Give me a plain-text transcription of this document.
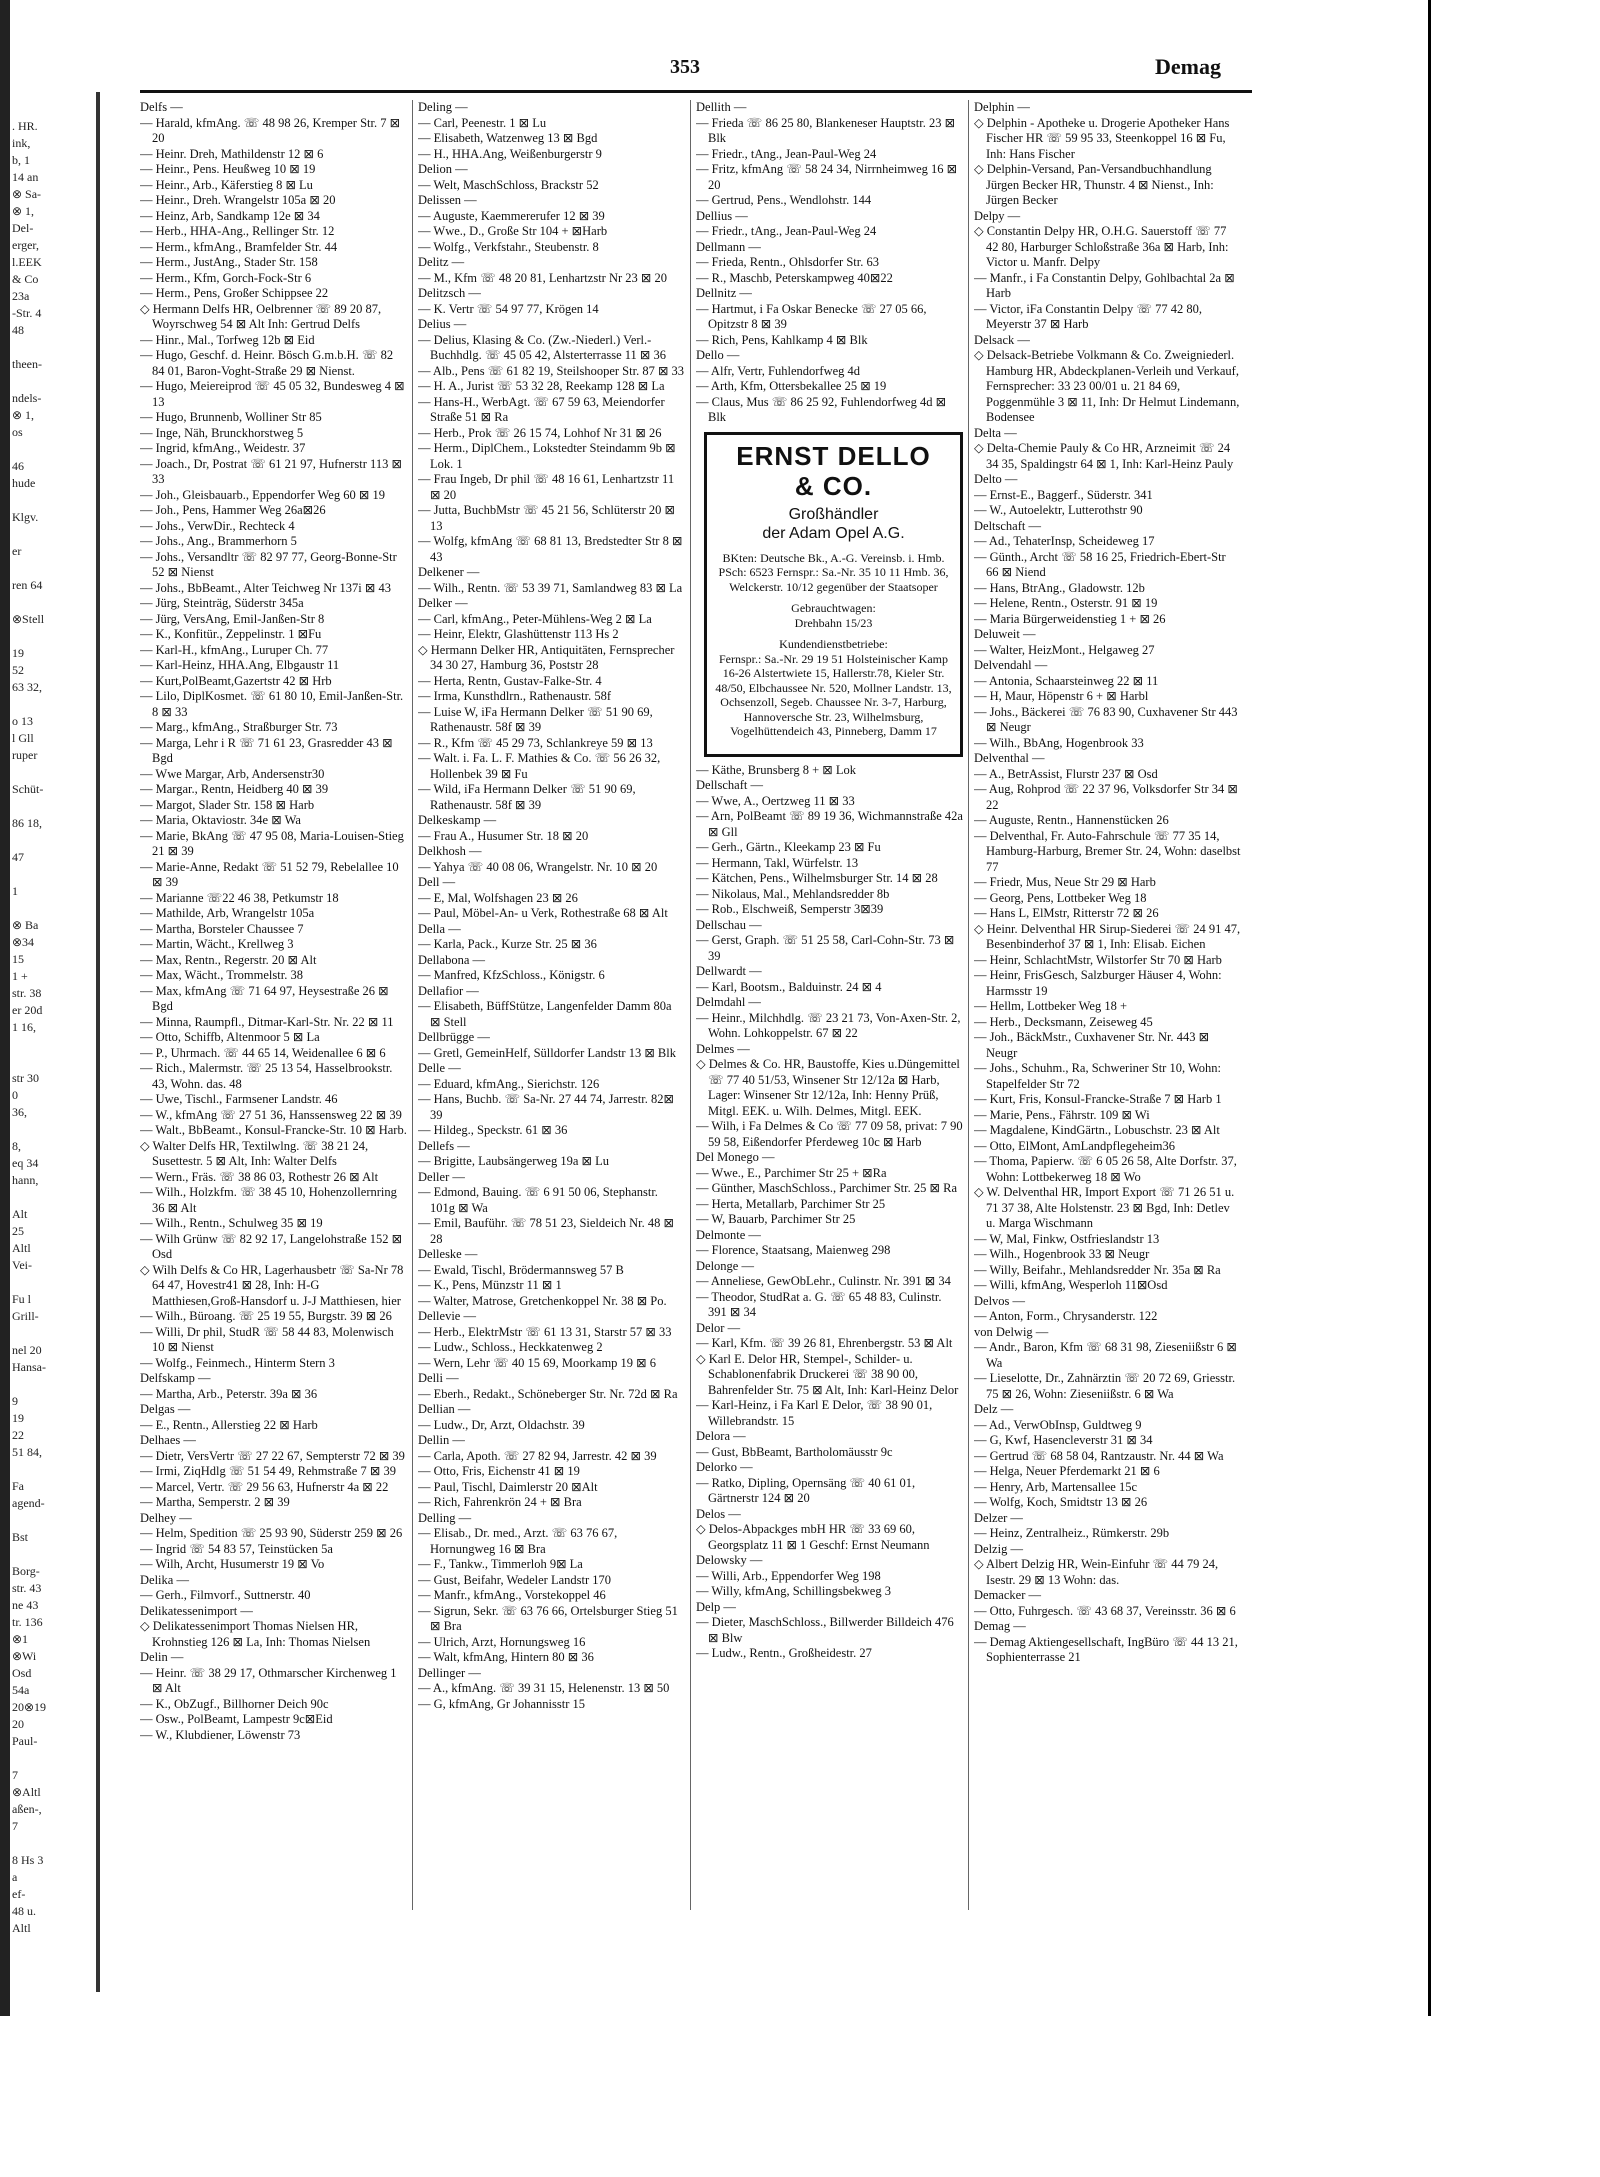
. HR.
ink,
b, 1
14 an
⊗ Sa-
⊗ 1,
Del-
erger,
l.EEK
& Co
23a
-Str. 4
48

theen-

ndels-
⊗ 1,
os

46
hude

Klgv.

er

ren 64

⊗Stell

19
52
63 32,

o 13
l Gll
ruper

Schüt-

86 18,

47

1

⊗ Ba
⊗34
15
1 +
str. 38
er 20d
1 16,

str 30
0
36,

8,
eq 34
hann,

Alt
25
Altl
Vei-

Fu l
Grill-

nel 20
Hansa-

9
19
22
51 84,

Fa
agend-

Bst

Borg-
str. 43
ne 43
tr. 136
⊗1
⊗Wi
Osd
54a
20⊗19
20
Paul-

7
⊗Altl
aßen-,
7

8 Hs 3
a
ef-
48 u.
Altl
353	Demag
Delfs —
— Harald, kfmAng. ☏ 48 98 26, Kremper Str. 7 ⊠ 20
— Heinr. Dreh, Mathildenstr 12 ⊠ 6
— Heinr., Pens. Heußweg 10 ⊠ 19
— Heinr., Arb., Käferstieg 8 ⊠ Lu
— Heinr., Dreh. Wrangelstr 105a ⊠ 20
— Heinz, Arb, Sandkamp 12e ⊠ 34
— Herb., HHA-Ang., Rellinger Str. 12
— Herm., kfmAng., Bramfelder Str. 44
— Herm., JustAng., Stader Str. 158
— Herm., Kfm, Gorch-Fock-Str 6
— Herm., Pens, Großer Schippsee 22
◇ Hermann Delfs HR, Oelbrenner ☏ 89 20 87, Woyrschweg 54 ⊠ Alt Inh: Gertrud Delfs
— Hinr., Mal., Torfweg 12b ⊠ Eid
— Hugo, Geschf. d. Heinr. Bösch G.m.b.H. ☏ 82 84 01, Baron-Voght-Straße 29 ⊠ Nienst.
— Hugo, Meiereiprod ☏ 45 05 32, Bundesweg 4 ⊠ 13
— Hugo, Brunnenb, Wolliner Str 85
— Inge, Näh, Brunckhorstweg 5
— Ingrid, kfmAng., Weidestr. 37
— Joach., Dr, Postrat ☏ 61 21 97, Hufnerstr 113 ⊠ 33
— Joh., Gleisbauarb., Eppendorfer Weg 60 ⊠ 19
— Joh., Pens, Hammer Weg 26a⊠26
— Johs., VerwDir., Rechteck 4
— Johs., Ang., Brammerhorn 5
— Johs., Versandltr ☏ 82 97 77, Georg-Bonne-Str 52 ⊠ Nienst
— Johs., BbBeamt., Alter Teichweg Nr 137i ⊠ 43
— Jürg, Steinträg, Süderstr 345a
— Jürg, VersAng, Emil-Janßen-Str 8
— K., Konfitür., Zeppelinstr. 1 ⊠Fu
— Karl-H., kfmAng., Luruper Ch. 77
— Karl-Heinz, HHA.Ang, Elbgaustr 11
— Kurt,PolBeamt,Gazertstr 42 ⊠ Hrb
— Lilo, DiplKosmet. ☏ 61 80 10, Emil-Janßen-Str. 8 ⊠ 33
— Marg., kfmAng., Straßburger Str. 73
— Marga, Lehr i R ☏ 71 61 23, Grasredder 43 ⊠ Bgd
— Wwe Margar, Arb, Andersenstr30
— Margar., Rentn, Heidberg 40 ⊠ 39
— Margot, Slader Str. 158 ⊠ Harb
— Maria, Oktaviostr. 34e ⊠ Wa
— Marie, BkAng ☏ 47 95 08, Maria-Louisen-Stieg 21 ⊠ 39
— Marie-Anne, Redakt ☏ 51 52 79, Rebelallee 10 ⊠ 39
— Marianne ☏22 46 38, Petkumstr 18
— Mathilde, Arb, Wrangelstr 105a
— Martha, Borsteler Chaussee 7
— Martin, Wächt., Krellweg 3
— Max, Rentn., Regerstr. 20 ⊠ Alt
— Max, Wächt., Trommelstr. 38
— Max, kfmAng ☏ 71 64 97, Heysestraße 26 ⊠ Bgd
— Minna, Raumpfl., Ditmar-Karl-Str. Nr. 22 ⊠ 11
— Otto, Schiffb, Altenmoor 5 ⊠ La
— P., Uhrmach. ☏ 44 65 14, Weidenallee 6 ⊠ 6
— Rich., Malermstr. ☏ 25 13 54, Hasselbrookstr. 43, Wohn. das. 48
— Uwe, Tischl., Farmsener Landstr. 46
— W., kfmAng ☏ 27 51 36, Hanssensweg 22 ⊠ 39
— Walt., BbBeamt., Konsul-Francke-Str. 10 ⊠ Harb.
◇ Walter Delfs HR, Textilwlng. ☏ 38 21 24, Susettestr. 5 ⊠ Alt, Inh: Walter Delfs
— Wern., Fräs. ☏ 38 86 03, Rothestr 26 ⊠ Alt
— Wilh., Holzkfm. ☏ 38 45 10, Hohenzollernring 36 ⊠ Alt
— Wilh., Rentn., Schulweg 35 ⊠ 19
— Wilh Grünw ☏ 82 92 17, Langelohstraße 152 ⊠ Osd
◇ Wilh Delfs & Co HR, Lagerhausbetr ☏ Sa-Nr 78 64 47, Hovestr41 ⊠ 28, Inh: H-G Matthiesen,Groß-Hansdorf u. J-J Matthiesen, hier
— Wilh., Büroang. ☏ 25 19 55, Burgstr. 39 ⊠ 26
— Willi, Dr phil, StudR ☏ 58 44 83, Molenwisch 10 ⊠ Nienst
— Wolfg., Feinmech., Hinterm Stern 3
Delfskamp —
— Martha, Arb., Peterstr. 39a ⊠ 36
Delgas —
— E., Rentn., Allerstieg 22 ⊠ Harb
Delhaes —
— Dietr, VersVertr ☏ 27 22 67, Sempterstr 72 ⊠ 39
— Irmi, ZiqHdlg ☏ 51 54 49, Rehmstraße 7 ⊠ 39
— Marcel, Vertr. ☏ 29 56 63, Hufnerstr 4a ⊠ 22
— Martha, Semperstr. 2 ⊠ 39
Delhey —
— Helm, Spedition ☏ 25 93 90, Süderstr 259 ⊠ 26
— Ingrid ☏ 54 83 57, Teinstücken 5a
— Wilh, Archt, Husumerstr 19 ⊠ Vo
Delika —
— Gerh., Filmvorf., Suttnerstr. 40
Delikatessenimport —
◇ Delikatessenimport Thomas Nielsen HR, Krohnstieg 126 ⊠ La, Inh: Thomas Nielsen
Delin —
— Heinr. ☏ 38 29 17, Othmarscher Kirchenweg 1 ⊠ Alt
— K., ObZugf., Billhorner Deich 90c
— Osw., PolBeamt, Lampestr 9c⊠Eid
— W., Klubdiener, Löwenstr 73
Deling —
— Carl, Peenestr. 1 ⊠ Lu
— Elisabeth, Watzenweg 13 ⊠ Bgd
— H., HHA.Ang, Weißenburgerstr 9
Delion —
— Welt, MaschSchloss, Brackstr 52
Delissen —
— Auguste, Kaemmererufer 12 ⊠ 39
— Wwe., D., Große Str 104 + ⊠Harb
— Wolfg., Verkfstahr., Steubenstr. 8
Delitz —
— M., Kfm ☏ 48 20 81, Lenhartzstr Nr 23 ⊠ 20
Delitzsch —
— K. Vertr ☏ 54 97 77, Krögen 14
Delius —
— Delius, Klasing & Co. (Zw.-Niederl.) Verl.-Buchhdlg. ☏ 45 05 42, Alsterterrasse 11 ⊠ 36
— Alb., Pens ☏ 61 82 19, Steilshooper Str. 87 ⊠ 33
— H. A., Jurist ☏ 53 32 28, Reekamp 128 ⊠ La
— Hans-H., WerbAgt. ☏ 67 59 63, Meiendorfer Straße 51 ⊠ Ra
— Herb., Prok ☏ 26 15 74, Lohhof Nr 31 ⊠ 26
— Herm., DiplChem., Lokstedter Steindamm 9b ⊠ Lok. 1
— Frau Ingeb, Dr phil ☏ 48 16 61, Lenhartzstr 11 ⊠ 20
— Jutta, BuchbMstr ☏ 45 21 56, Schlüterstr 20 ⊠ 13
— Wolfg, kfmAng ☏ 68 81 13, Bredstedter Str 8 ⊠ 43
Delkener —
— Wilh., Rentn. ☏ 53 39 71, Samlandweg 83 ⊠ La
Delker —
— Carl, kfmAng., Peter-Mühlens-Weg 2 ⊠ La
— Heinr, Elektr, Glashüttenstr 113 Hs 2
◇ Hermann Delker HR, Antiquitäten, Fernsprecher 34 30 27, Hamburg 36, Poststr 28
— Herta, Rentn, Gustav-Falke-Str. 4
— Irma, Kunsthdlrn., Rathenaustr. 58f
— Luise W, iFa Hermann Delker ☏ 51 90 69, Rathenaustr. 58f ⊠ 39
— R., Kfm ☏ 45 29 73, Schlankreye 59 ⊠ 13
— Walt. i. Fa. L. F. Mathies & Co. ☏ 56 26 32, Hollenbek 39 ⊠ Fu
— Wild, iFa Hermann Delker ☏ 51 90 69, Rathenaustr. 58f ⊠ 39
Delkeskamp —
— Frau A., Husumer Str. 18 ⊠ 20
Delkhosh —
— Yahya ☏ 40 08 06, Wrangelstr. Nr. 10 ⊠ 20
Dell —
— E, Mal, Wolfshagen 23 ⊠ 26
— Paul, Möbel-An- u Verk, Rothestraße 68 ⊠ Alt
Della —
— Karla, Pack., Kurze Str. 25 ⊠ 36
Dellabona —
— Manfred, KfzSchloss., Königstr. 6
Dellafior —
— Elisabeth, BüffStütze, Langenfelder Damm 80a ⊠ Stell
Dellbrügge —
— Gretl, GemeinHelf, Sülldorfer Landstr 13 ⊠ Blk
Delle —
— Eduard, kfmAng., Sierichstr. 126
— Hans, Buchb. ☏ Sa-Nr. 27 44 74, Jarrestr. 82⊠ 39
— Hildeg., Speckstr. 61 ⊠ 36
Dellefs —
— Brigitte, Laubsängerweg 19a ⊠ Lu
Deller —
— Edmond, Bauing. ☏ 6 91 50 06, Stephanstr. 101g ⊠ Wa
— Emil, Bauführ. ☏ 78 51 23, Sieldeich Nr. 48 ⊠ 28
Delleske —
— Ewald, Tischl, Brödermannsweg 57 B
— K., Pens, Münzstr 11 ⊠ 1
— Walter, Matrose, Gretchenkoppel Nr. 38 ⊠ Po.
Dellevie —
— Herb., ElektrMstr ☏ 61 13 31, Starstr 57 ⊠ 33
— Ludw., Schloss., Heckkatenweg 2
— Wern, Lehr ☏ 40 15 69, Moorkamp 19 ⊠ 6
Delli —
— Eberh., Redakt., Schöneberger Str. Nr. 72d ⊠ Ra
Dellian —
— Ludw., Dr, Arzt, Oldachstr. 39
Dellin —
— Carla, Apoth. ☏ 27 82 94, Jarrestr. 42 ⊠ 39
— Otto, Fris, Eichenstr 41 ⊠ 19
— Paul, Tischl, Daimlerstr 20 ⊠Alt
— Rich, Fahrenkrön 24 + ⊠ Bra
Delling —
— Elisab., Dr. med., Arzt. ☏ 63 76 67, Hornungweg 16 ⊠ Bra
— F., Tankw., Timmerloh 9⊠ La
— Gust, Beifahr, Wedeler Landstr 170
— Manfr., kfmAng., Vorstekoppel 46
— Sigrun, Sekr. ☏ 63 76 66, Ortelsburger Stieg 51 ⊠ Bra
— Ulrich, Arzt, Hornungsweg 16
— Walt, kfmAng, Hintern 80 ⊠ 36
Dellinger —
— A., kfmAng. ☏ 39 31 15, Helenenstr. 13 ⊠ 50
— G, kfmAng, Gr Johannisstr 15
Dellith —
— Frieda ☏ 86 25 80, Blankeneser Hauptstr. 23 ⊠ Blk
— Friedr., tAng., Jean-Paul-Weg 24
— Fritz, kfmAng ☏ 58 24 34, Nirrnheimweg 16 ⊠ 20
— Gertrud, Pens., Wendlohstr. 144
Dellius —
— Friedr., tAng., Jean-Paul-Weg 24
Dellmann —
— Frieda, Rentn., Ohlsdorfer Str. 63
— R., Maschb, Peterskampweg 40⊠22
Dellnitz —
— Hartmut, i Fa Oskar Benecke ☏ 27 05 66, Opitzstr 8 ⊠ 39
— Rich, Pens, Kahlkamp 4 ⊠ Blk
Dello —
— Alfr, Vertr, Fuhlendorfweg 4d
— Arth, Kfm, Ottersbekallee 25 ⊠ 19
— Claus, Mus ☏ 86 25 92, Fuhlendorfweg 4d ⊠ Blk
ERNST DELLO
& CO.
Großhändler
der Adam Opel A.G.
BKten: Deutsche Bk., A.-G. Vereinsb. i. Hmb. PSch: 6523 Fernspr.: Sa.-Nr. 35 10 11 Hmb. 36, Welckerstr. 10/12 gegenüber der Staatsoper
Gebrauchtwagen:
Drehbahn 15/23
Kundendienstbetriebe:
Fernspr.: Sa.-Nr. 29 19 51 Holsteinischer Kamp 16-26 Alstertwiete 15, Hallerstr.78, Kieler Str. 48/50, Elbchaussee Nr. 520, Mollner Landstr. 13, Ochsenzoll, Segeb. Chaussee Nr. 3-7, Harburg, Hannoversche Str. 23, Wilhelmsburg, Vogelhüttendeich 43, Pinneberg, Damm 17
— Käthe, Brunsberg 8 + ⊠ Lok
Dellschaft —
— Wwe, A., Oertzweg 11 ⊠ 33
— Arn, PolBeamt ☏ 89 19 36, Wichmannstraße 42a ⊠ Gll
— Gerh., Gärtn., Kleekamp 23 ⊠ Fu
— Hermann, Takl, Würfelstr. 13
— Kätchen, Pens., Wilhelmsburger Str. 14 ⊠ 28
— Nikolaus, Mal., Mehlandsredder 8b
— Rob., Elschweiß, Semperstr 3⊠39
Dellschau —
— Gerst, Graph. ☏ 51 25 58, Carl-Cohn-Str. 73 ⊠ 39
Dellwardt —
— Karl, Bootsm., Balduinstr. 24 ⊠ 4
Delmdahl —
— Heinr., Milchhdlg. ☏ 23 21 73, Von-Axen-Str. 2, Wohn. Lohkoppelstr. 67 ⊠ 22
Delmes —
◇ Delmes & Co. HR, Baustoffe, Kies u.Düngemittel ☏ 77 40 51/53, Winsener Str 12/12a ⊠ Harb, Lager: Winsener Str 12/12a, Inh: Henny Prüß, Mitgl. EEK. u. Wilh. Delmes, Mitgl. EEK.
— Wilh, i Fa Delmes & Co ☏ 77 09 58, privat: 7 90 59 58, Eißendorfer Pferdeweg 10c ⊠ Harb
Del Monego —
— Wwe., E., Parchimer Str 25 + ⊠Ra
— Günther, MaschSchloss., Parchimer Str. 25 ⊠ Ra
— Herta, Metallarb, Parchimer Str 25
— W, Bauarb, Parchimer Str 25
Delmonte —
— Florence, Staatsang, Maienweg 298
Delonge —
— Anneliese, GewObLehr., Culinstr. Nr. 391 ⊠ 34
— Theodor, StudRat a. G. ☏ 65 48 83, Culinstr. 391 ⊠ 34
Delor —
— Karl, Kfm. ☏ 39 26 81, Ehrenbergstr. 53 ⊠ Alt
◇ Karl E. Delor HR, Stempel-, Schilder- u. Schablonenfabrik Druckerei ☏ 38 90 00, Bahrenfelder Str. 75 ⊠ Alt, Inh: Karl-Heinz Delor
— Karl-Heinz, i Fa Karl E Delor, ☏ 38 90 01, Willebrandstr. 15
Delora —
— Gust, BbBeamt, Bartholomäusstr 9c
Delorko —
— Ratko, Dipling, Opernsäng ☏ 40 61 01, Gärtnerstr 124 ⊠ 20
Delos —
◇ Delos-Abpackges mbH HR ☏ 33 69 60, Georgsplatz 11 ⊠ 1 Geschf: Ernst Neumann
Delowsky —
— Willi, Arb., Eppendorfer Weg 198
— Willy, kfmAng, Schillingsbekweg 3
Delp —
— Dieter, MaschSchloss., Billwerder Billdeich 476 ⊠ Blw
— Ludw., Rentn., Großheidestr. 27
Delphin —
◇ Delphin - Apotheke u. Drogerie Apotheker Hans Fischer HR ☏ 59 95 33, Steenkoppel 16 ⊠ Fu, Inh: Hans Fischer
◇ Delphin-Versand, Pan-Versandbuchhandlung Jürgen Becker HR, Thunstr. 4 ⊠ Nienst., Inh: Jürgen Becker
Delpy —
◇ Constantin Delpy HR, O.H.G. Sauerstoff ☏ 77 42 80, Harburger Schloßstraße 36a ⊠ Harb, Inh: Victor u. Manfr. Delpy
— Manfr., i Fa Constantin Delpy, Gohlbachtal 2a ⊠ Harb
— Victor, iFa Constantin Delpy ☏ 77 42 80, Meyerstr 37 ⊠ Harb
Delsack —
◇ Delsack-Betriebe Volkmann & Co. Zweigniederl. Hamburg HR, Abdeckplanen-Verleih und Verkauf, Fernsprecher: 33 23 00/01 u. 21 84 69, Poggenmühle 3 ⊠ 11, Inh: Dr Helmut Lindemann, Bodensee
Delta —
◇ Delta-Chemie Pauly & Co HR, Arzneimit ☏ 24 34 35, Spaldingstr 64 ⊠ 1, Inh: Karl-Heinz Pauly
Delto —
— Ernst-E., Baggerf., Süderstr. 341
— W., Autoelektr, Lutterothstr 90
Deltschaft —
— Ad., TehaterInsp, Scheideweg 17
— Günth., Archt ☏ 58 16 25, Friedrich-Ebert-Str 66 ⊠ Niend
— Hans, BtrAng., Gladowstr. 12b
— Helene, Rentn., Osterstr. 91 ⊠ 19
— Maria Bürgerweidenstieg 1 + ⊠ 26
Deluweit —
— Walter, HeizMont., Helgaweg 27
Delvendahl —
— Antonia, Schaarsteinweg 22 ⊠ 11
— H, Maur, Höpenstr 6 + ⊠ Harbl
— Johs., Bäckerei ☏ 76 83 90, Cuxhavener Str 443 ⊠ Neugr
— Wilh., BbAng, Hogenbrook 33
Delventhal —
— A., BetrAssist, Flurstr 237 ⊠ Osd
— Aug, Rohprod ☏ 22 37 96, Volksdorfer Str 34 ⊠ 22
— Auguste, Rentn., Hannenstücken 26
— Delventhal, Fr. Auto-Fahrschule ☏ 77 35 14, Hamburg-Harburg, Bremer Str. 24, Wohn: daselbst 77
— Friedr, Mus, Neue Str 29 ⊠ Harb
— Georg, Pens, Lottbeker Weg 18
— Hans L, ElMstr, Ritterstr 72 ⊠ 26
◇ Heinr. Delventhal HR Sirup-Siederei ☏ 24 91 47, Besenbinderhof 37 ⊠ 1, Inh: Elisab. Eichen
— Heinr, SchlachtMstr, Wilstorfer Str 70 ⊠ Harb
— Heinr, FrisGesch, Salzburger Häuser 4, Wohn: Harmsstr 19
— Hellm, Lottbeker Weg 18 +
— Herb., Decksmann, Zeiseweg 45
— Joh., BäckMstr., Cuxhavener Str. Nr. 443 ⊠ Neugr
— Johs., Schuhm., Ra, Schweriner Str 10, Wohn: Stapelfelder Str 72
— Kurt, Fris, Konsul-Francke-Straße 7 ⊠ Harb 1
— Marie, Pens., Fährstr. 109 ⊠ Wi
— Magdalene, KindGärtn., Lobuschstr. 23 ⊠ Alt
— Otto, ElMont, AmLandpflegeheim36
— Thoma, Papierw. ☏ 6 05 26 58, Alte Dorfstr. 37, Wohn: Lottbekerweg 18 ⊠ Wo
◇ W. Delventhal HR, Import Export ☏ 71 26 51 u. 71 37 38, Alte Holstenstr. 23 ⊠ Bgd, Inh: Detlev u. Marga Wischmann
— W, Mal, Finkw, Ostfrieslandstr 13
— Wilh., Hogenbrook 33 ⊠ Neugr
— Willy, Beifahr., Mehlandsredder Nr. 35a ⊠ Ra
— Willi, kfmAng, Wesperloh 11⊠Osd
Delvos —
— Anton, Form., Chrysanderstr. 122
von Delwig —
— Andr., Baron, Kfm ☏ 68 31 98, Zieseniißstr 6 ⊠ Wa
— Lieselotte, Dr., Zahnärztin ☏ 20 72 69, Griesstr. 75 ⊠ 26, Wohn: Zieseniißstr. 6 ⊠ Wa
Delz —
— Ad., VerwObInsp, Guldtweg 9
— G, Kwf, Hasencleverstr 31 ⊠ 34
— Gertrud ☏ 68 58 04, Rantzaustr. Nr. 44 ⊠ Wa
— Helga, Neuer Pferdemarkt 21 ⊠ 6
— Henry, Arb, Martensallee 15c
— Wolfg, Koch, Smidtstr 13 ⊠ 26
Delzer —
— Heinz, Zentralheiz., Rümkerstr. 29b
Delzig —
◇ Albert Delzig HR, Wein-Einfuhr ☏ 44 79 24, Isestr. 29 ⊠ 13 Wohn: das.
Demacker —
— Otto, Fuhrgesch. ☏ 43 68 37, Vereinsstr. 36 ⊠ 6
Demag —
— Demag Aktiengesellschaft, IngBüro ☏ 44 13 21, Sophienterrasse 21
